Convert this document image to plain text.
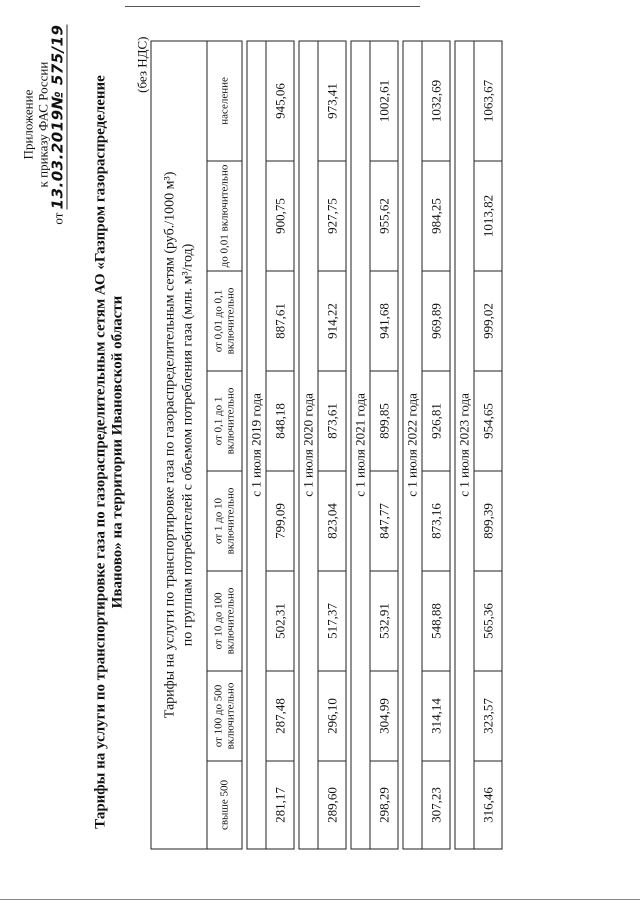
Приложение к приказу ФАС России
от 13.03.2019№ 575/19 Тарифы на услуги по транспортировке газа по газораспределительным сетям АО «Газпром газораспределение Иваново» на территории Ивановской области
(без НДС)
Тарифы на услуги по транспортировке газа по газораспределительным сетям (руб./1000 м³) по группам потребителей с объемом потребления газа (млн. м³/год)							

свыше 500	от 100 до 500 включительно	от 10 до 100 включительно	от 1 до 10 включительно	от 0,1 до 1 включительно	от 0,01 до 0,1 включительно	до 0,01 включительно	население

с 1 июля 2019 года							
281,17	287,48	502,31	799,09	848,18	887,61	900,75	945,06

с 1 июля 2020 года							
289,60	296,10	517,37	823,04	873,61	914,22	927,75	973,41

с 1 июля 2021 года							
298,29	304,99	532,91	847,77	899,85	941,68	955,62	1002,61

с 1 июля 2022 года							
307,23	314,14	548,88	873,16	926,81	969,89	984,25	1032,69

с 1 июля 2023 года							
316,46	323,57	565,36	899,39	954,65	999,02	1013,82	1063,67
